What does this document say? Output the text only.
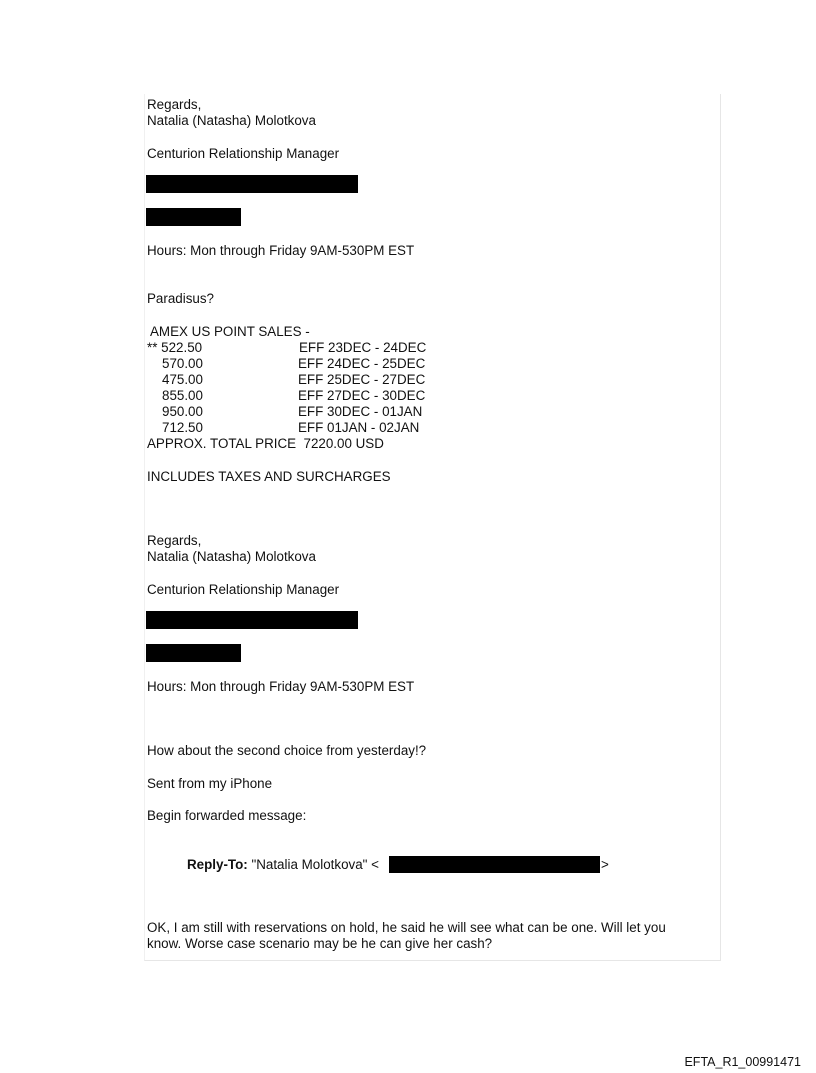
Regards,
Natalia (Natasha) Molotkova
Centurion Relationship Manager
Hours: Mon through Friday 9AM-530PM EST
Paradisus?
AMEX US POINT SALES -
** 522.50	EFF 23DEC - 24DEC
570.00	EFF 24DEC - 25DEC
475.00	EFF 25DEC - 27DEC
855.00	EFF 27DEC - 30DEC
950.00	EFF 30DEC - 01JAN
712.50	EFF 01JAN - 02JAN
APPROX. TOTAL PRICE  7220.00 USD
INCLUDES TAXES AND SURCHARGES
Regards,
Natalia (Natasha) Molotkova
Centurion Relationship Manager
Hours: Mon through Friday 9AM-530PM EST
How about the second choice from yesterday!?
Sent from my iPhone
Begin forwarded message:
Reply-To: "Natalia Molotkova" <	>
OK, I am still with reservations on hold, he said he will see what can be one. Will let you
know. Worse case scenario may be he can give her cash?
EFTA_R1_00991471
